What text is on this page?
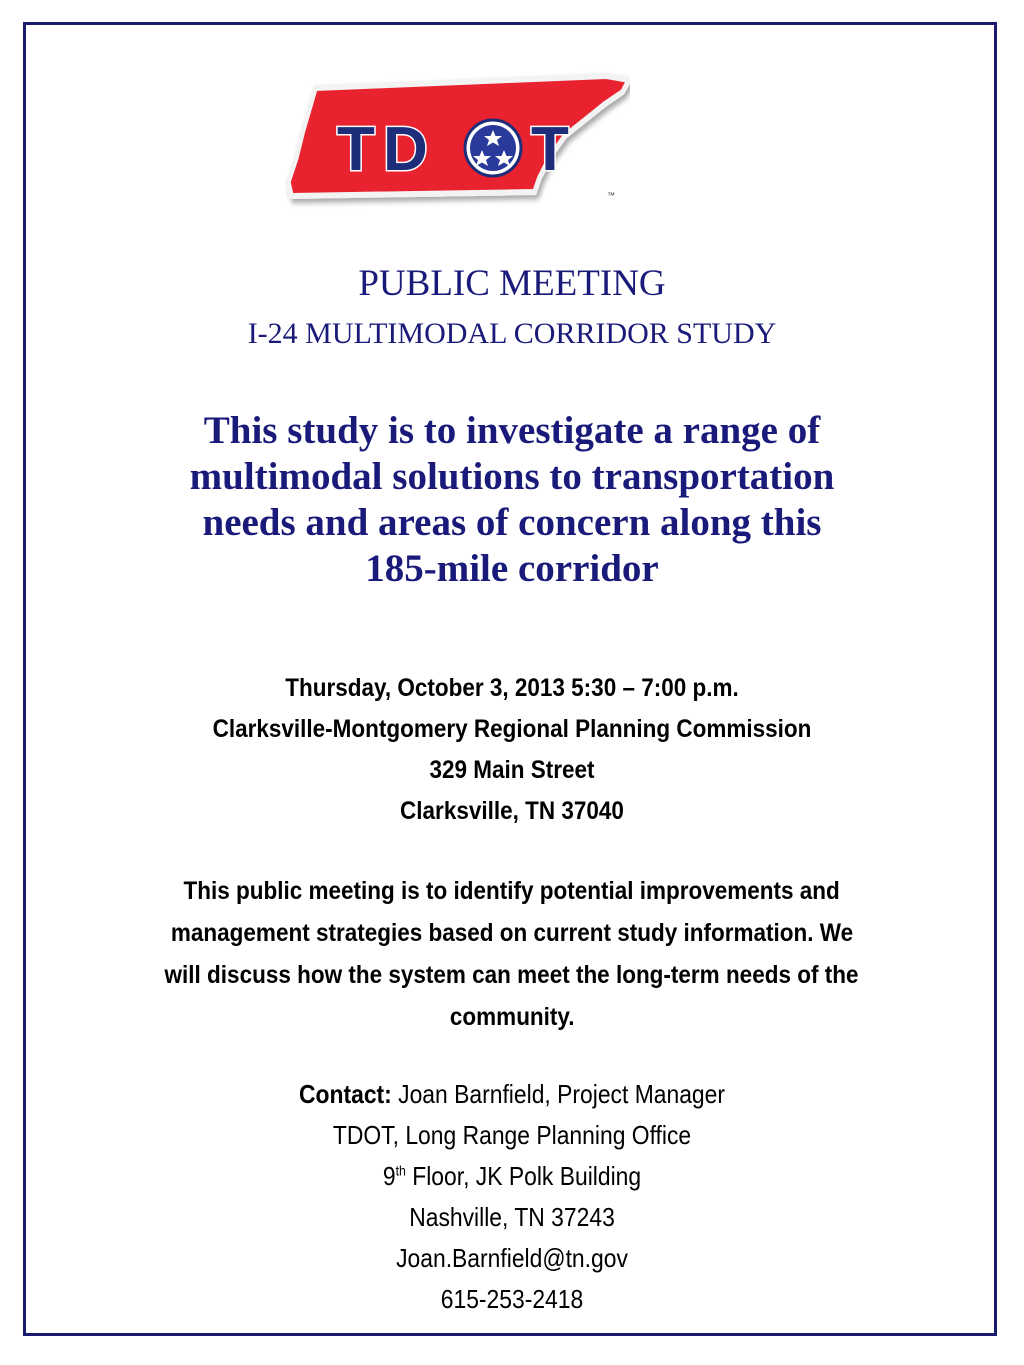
T D T
™
PUBLIC MEETING
I-24 MULTIMODAL CORRIDOR STUDY
This study is to investigate a range of
multimodal solutions to transportation
needs and areas of concern along this
185-mile corridor
Thursday, October 3, 2013 5:30 – 7:00 p.m.
Clarksville-Montgomery Regional Planning Commission
329 Main Street
Clarksville, TN 37040
This public meeting is to identify potential improvements and
management strategies based on current study information. We
will discuss how the system can meet the long-term needs of the
community.
Contact: Joan Barnfield, Project Manager
TDOT, Long Range Planning Office
9th Floor, JK Polk Building
Nashville, TN 37243
Joan.Barnfield@tn.gov
615-253-2418
